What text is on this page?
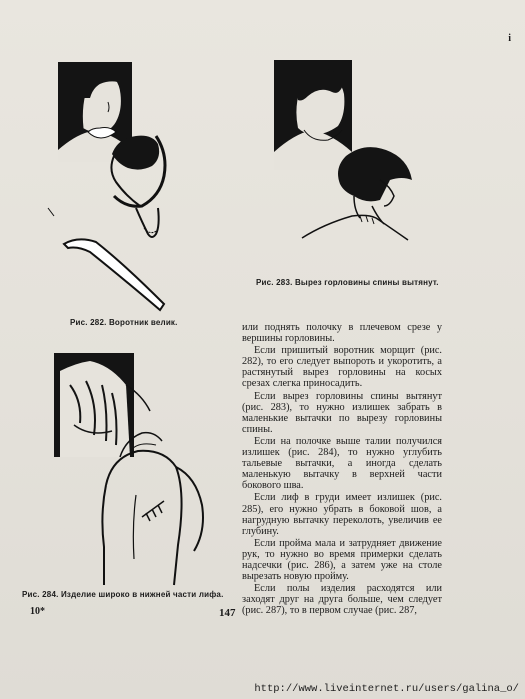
i
Рис. 282. Воротник велик.
Рис. 283. Вырез горловины спины вытянут.
Рис. 284. Изделие широко в нижней части лифа.

или поднять полочку в плечевом срезе у вершины горловины.

Если пришитый воротник морщит (рис. 282), то его следует выпороть и укоротить, а растянутый вырез горловины на косых срезах слегка приносадить.

Если вырез горловины спины вытянут (рис. 283), то нужно излишек забрать в маленькие вытачки по вырезу горловины спины.

Если на полочке выше талии получился излишек (рис. 284), то нужно углубить тальевые вытачки, а иногда сделать маленькую вытачку в верхней части бокового шва.

Если лиф в груди имеет излишек (рис. 285), его нужно убрать в боковой шов, а нагрудную вытачку переколоть, увеличив ее глубину.

Если пройма мала и затрудняет движение рук, то нужно во время примерки сделать надсечки (рис. 286), а затем уже на столе вырезать новую пройму.

Если полы изделия расходятся или заходят друг на друга больше, чем следует (рис. 287), то в первом случае (рис. 287,

10*	147
http://www.liveinternet.ru/users/galina_o/
